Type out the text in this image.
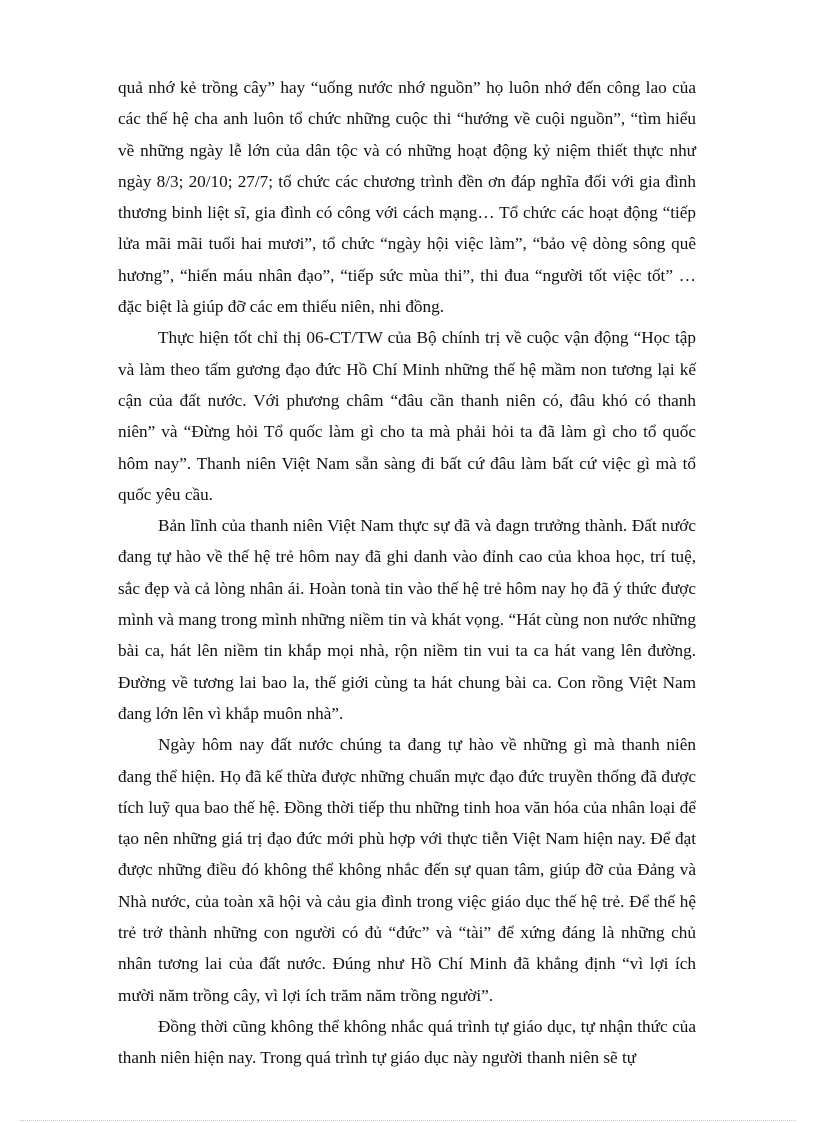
quả nhớ kẻ trồng cây” hay “uống nước nhớ nguồn” họ luôn nhớ đến công lao của các thế hệ cha anh luôn tổ chức những cuộc thi “hướng về cuội nguồn”, “tìm hiểu về những ngày lễ lớn của dân tộc và có những hoạt động kỷ niệm thiết thực như ngày 8/3; 20/10; 27/7; tổ chức các chương trình đền ơn đáp nghĩa đối với gia đình thương binh liệt sĩ, gia đình có công với cách mạng… Tổ chức các hoạt động “tiếp lửa mãi mãi tuổi hai mươi”, tổ chức “ngày hội việc làm”, “bảo vệ dòng sông quê hương”, “hiến máu nhân đạo”, “tiếp sức mùa thi”, thi đua “người tốt việc tốt” … đặc biệt là giúp đỡ các em thiếu niên, nhi đồng.

Thực hiện tốt chỉ thị 06-CT/TW của Bộ chính trị về cuộc vận động “Học tập và làm theo tấm gương đạo đức Hồ Chí Minh những thế hệ mầm non tương lại kế cận của đất nước. Với phương châm “đâu cần thanh niên có, đâu khó có thanh niên” và “Đừng hỏi Tổ quốc làm gì cho ta mà phải hỏi ta đã làm gì cho tổ quốc hôm nay”. Thanh niên Việt Nam sẵn sàng đi bất cứ đâu làm bất cứ việc gì mà tổ quốc yêu cầu.

Bản lĩnh của thanh niên Việt Nam thực sự đã và đagn trưởng thành. Đất nước đang tự hào về thế hệ trẻ hôm nay đã ghi danh vào đỉnh cao của khoa học, trí tuệ, sắc đẹp và cả lòng nhân ái. Hoàn tonà tin vào thế hệ trẻ hôm nay họ đã ý thức được mình và mang trong mình những niềm tin và khát vọng. “Hát cùng non nước những bài ca, hát lên niềm tin khắp mọi nhà, rộn niềm tin vui ta ca hát vang lên đường. Đường về tương lai bao la, thế giới cùng ta hát chung bài ca. Con rồng Việt Nam đang lớn lên vì khắp muôn nhà”.

Ngày hôm nay đất nước chúng ta đang tự hào về những gì mà thanh niên đang thể hiện. Họ đã kế thừa được những chuẩn mực đạo đức truyền thống đã được tích luỹ qua bao thế hệ. Đồng thời tiếp thu những tinh hoa văn hóa của nhân loại để tạo nên những giá trị đạo đức mới phù hợp với thực tiễn Việt Nam hiện nay. Để đạt được những điều đó không thể không nhắc đến sự quan tâm, giúp đỡ của Đảng và Nhà nước, của toàn xã hội và cảu gia đình trong việc giáo dục thế hệ trẻ. Để thế hệ trẻ trở thành những con người có đủ “đức” và “tài” để xứng đáng là những chủ nhân tương lai của đất nước. Đúng như Hồ Chí Minh đã khẳng định “vì lợi ích mười năm trồng cây, vì lợi ích trăm năm trồng người”.

Đồng thời cũng không thể không nhắc quá trình tự giáo dục, tự nhận thức của thanh niên hiện nay. Trong quá trình tự giáo dục này người thanh niên sẽ tự
